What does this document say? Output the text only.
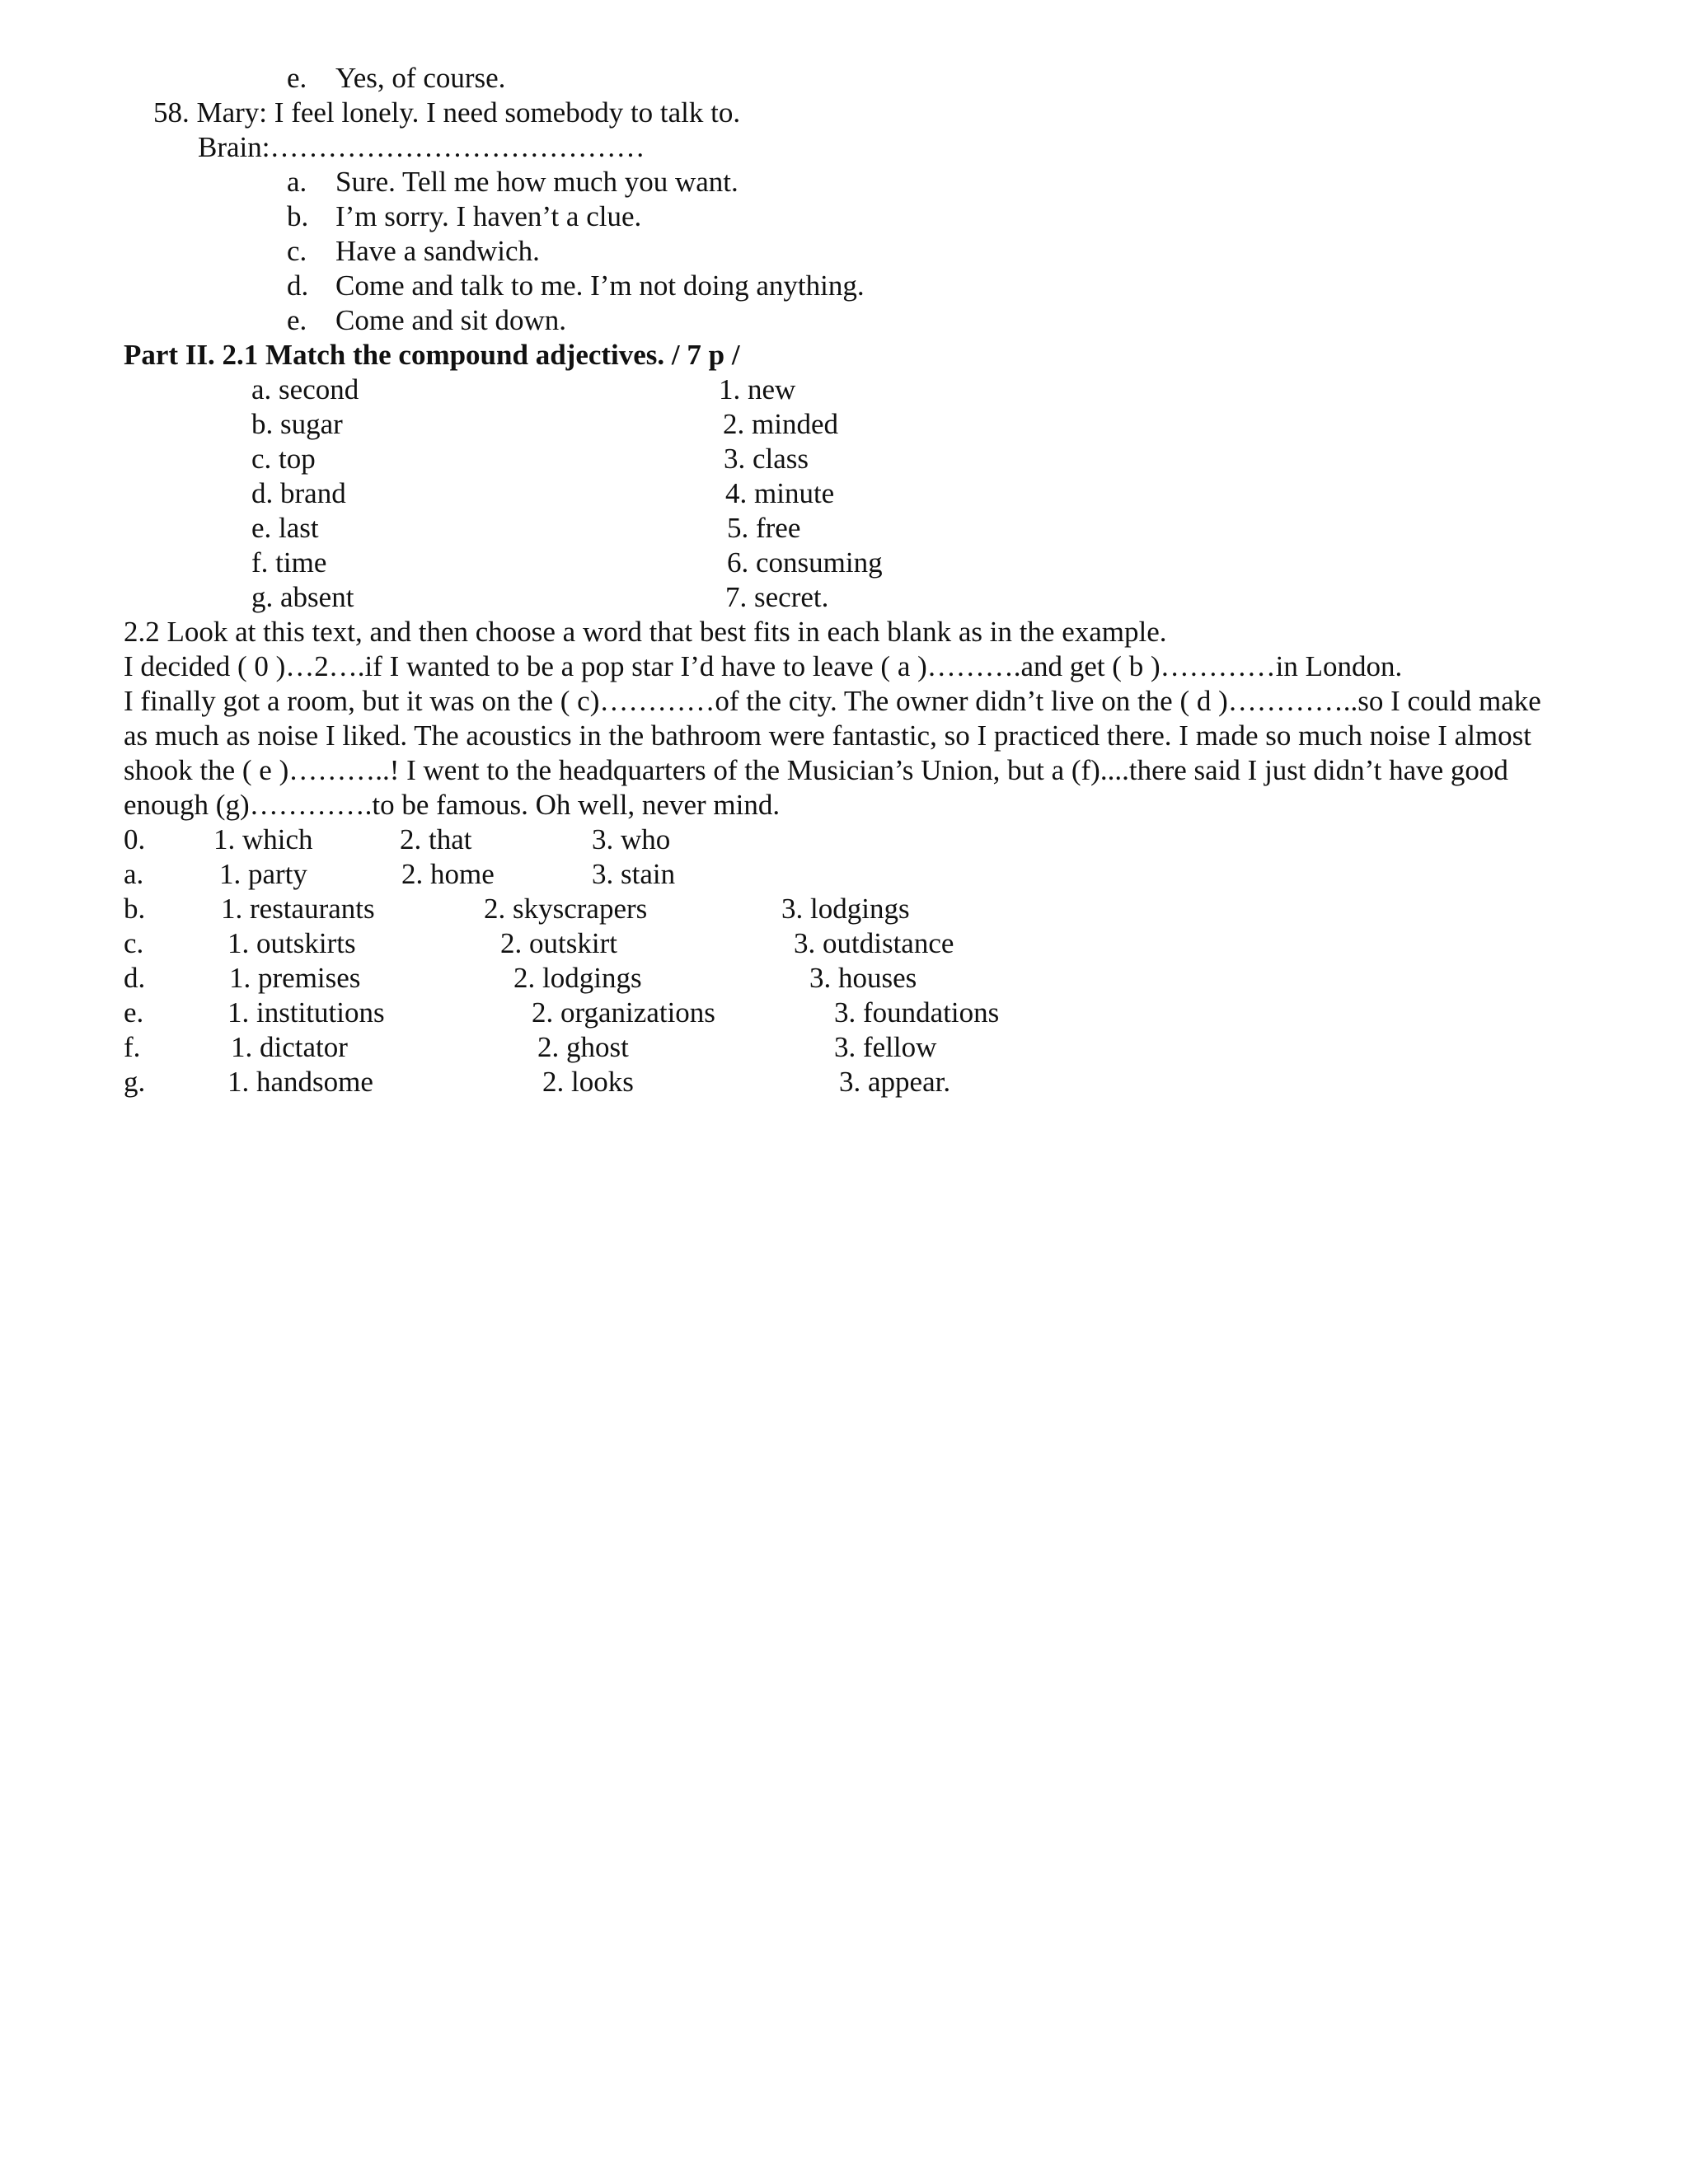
e. Yes, of course.
58. Mary: I feel lonely. I need somebody to talk to.
Brain:…………………………………
a. Sure. Tell me how much you want.
b. I’m sorry. I haven’t a clue.
c. Have a sandwich.
d. Come and talk to me. I’m not doing anything.
e. Come and sit down.
Part II. 2.1 Match the compound adjectives. / 7 p /
a. second	1. new
b. sugar	2. minded
c. top	3. class
d. brand	4. minute
e. last	5. free
f. time	6. consuming
g. absent	7. secret.
2.2 Look at this text, and then choose a word that best fits in each blank as in the example.
I decided ( 0 )…2….if I wanted to be a pop star I’d have to leave ( a )……….and get ( b )…………in London.
I finally got a room, but it was on the ( c)…………of the city. The owner didn’t live on the ( d )…………..so I could make
as much as noise I liked. The acoustics in the bathroom were fantastic, so I practiced there. I made so much noise I almost
shook the ( e )………..! I went to the headquarters of the Musician’s Union, but a (f)....there said I just didn’t have good
enough (g)………….to be famous. Oh well, never mind.
0. 1. which	2. that	3. who
a.	1. party	2. home	3. stain
b.	1. restaurants	2. skyscrapers	3. lodgings
c.	1. outskirts	2. outskirt	3. outdistance
d.	1. premises	2. lodgings	3. houses
e.	1. institutions	2. organizations	3. foundations
f.	1. dictator	2. ghost	3. fellow
g.	1. handsome	2. looks	3. appear.
